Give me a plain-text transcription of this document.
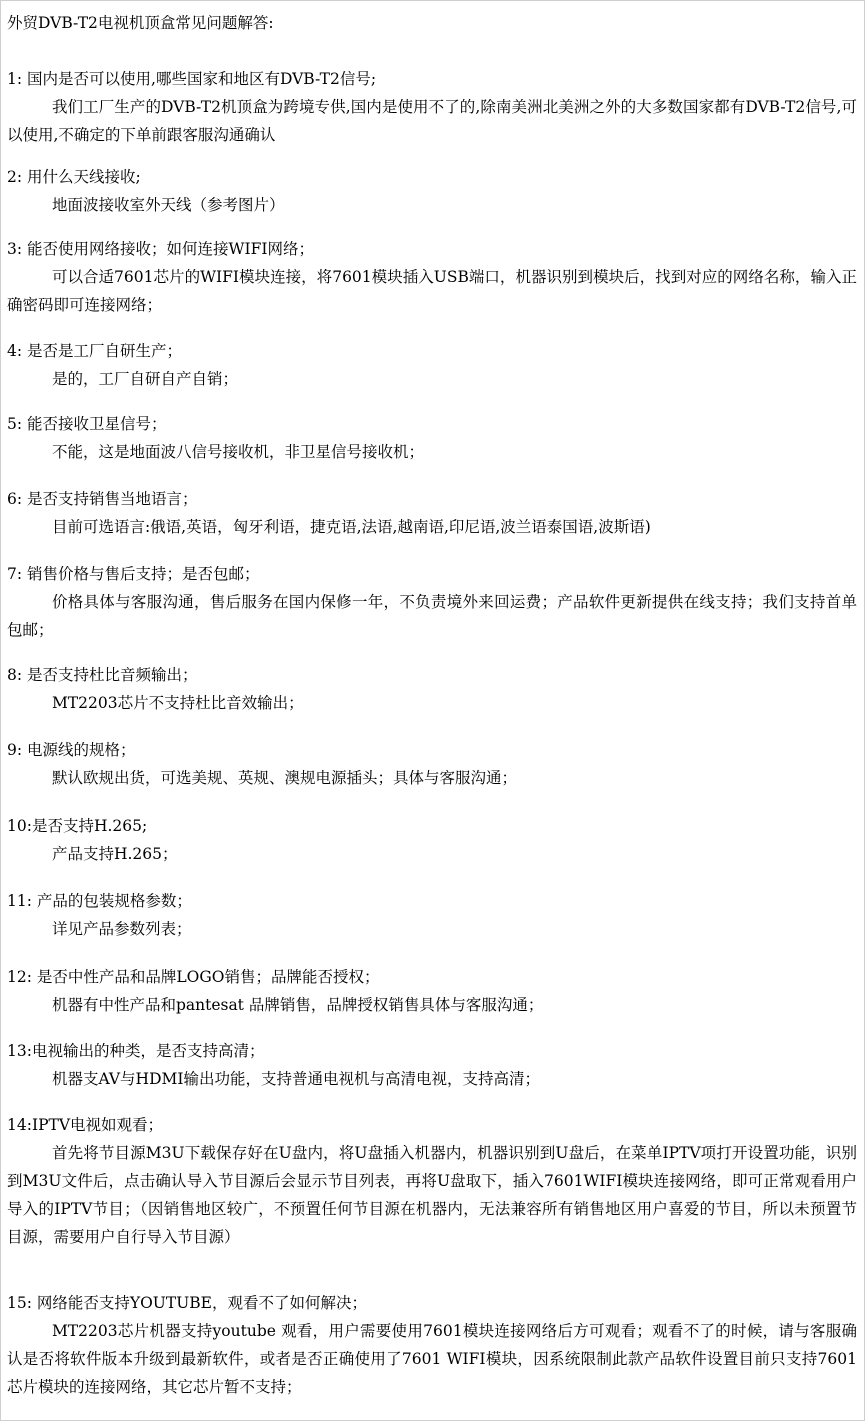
外贸DVB-T2电视机顶盒常见问题解答:
1: 国内是否可以使用,哪些国家和地区有DVB-T2信号;
我们工厂生产的DVB-T2机顶盒为跨境专供,国内是使用不了的,除南美洲北美洲之外的大多数国家都有DVB-T2信号,可以使用,不确定的下单前跟客服沟通确认
2: 用什么天线接收;
地面波接收室外天线（参考图片）
3: 能否使用网络接收；如何连接WIFI网络；
可以合适7601芯片的WIFI模块连接，将7601模块插入USB端口，机器识别到模块后，找到对应的网络名称，输入正确密码即可连接网络；
4: 是否是工厂自研生产；
是的，工厂自研自产自销；
5: 能否接收卫星信号；
不能，这是地面波八信号接收机，非卫星信号接收机；
6: 是否支持销售当地语言；
目前可选语言:俄语,英语，匈牙利语，捷克语,法语,越南语,印尼语,波兰语泰国语,波斯语)
7: 销售价格与售后支持；是否包邮；
价格具体与客服沟通，售后服务在国内保修一年，不负责境外来回运费；产品软件更新提供在线支持；我们支持首单包邮；
8: 是否支持杜比音频输出；
MT2203芯片不支持杜比音效输出；
9: 电源线的规格；
默认欧规出货，可选美规、英规、澳规电源插头；具体与客服沟通；
10:是否支持H.265;
产品支持H.265；
11: 产品的包装规格参数；
详见产品参数列表；
12: 是否中性产品和品牌LOGO销售；品牌能否授权；
机器有中性产品和pantesat 品牌销售，品牌授权销售具体与客服沟通；
13:电视输出的种类，是否支持高清；
机器支AV与HDMI输出功能，支持普通电视机与高清电视，支持高清；
14:IPTV电视如观看；
首先将节目源M3U下载保存好在U盘内，将U盘插入机器内，机器识别到U盘后，在菜单IPTV项打开设置功能，识别到M3U文件后，点击确认导入节目源后会显示节目列表，再将U盘取下，插入7601WIFI模块连接网络，即可正常观看用户导入的IPTV节目；（因销售地区较广，不预置任何节目源在机器内，无法兼容所有销售地区用户喜爱的节目，所以未预置节目源，需要用户自行导入节目源）
15: 网络能否支持YOUTUBE，观看不了如何解决；
MT2203芯片机器支持youtube 观看，用户需要使用7601模块连接网络后方可观看；观看不了的时候，请与客服确认是否将软件版本升级到最新软件，或者是否正确使用了7601 WIFI模块，因系统限制此款产品软件设置目前只支持7601芯片模块的连接网络，其它芯片暂不支持；
